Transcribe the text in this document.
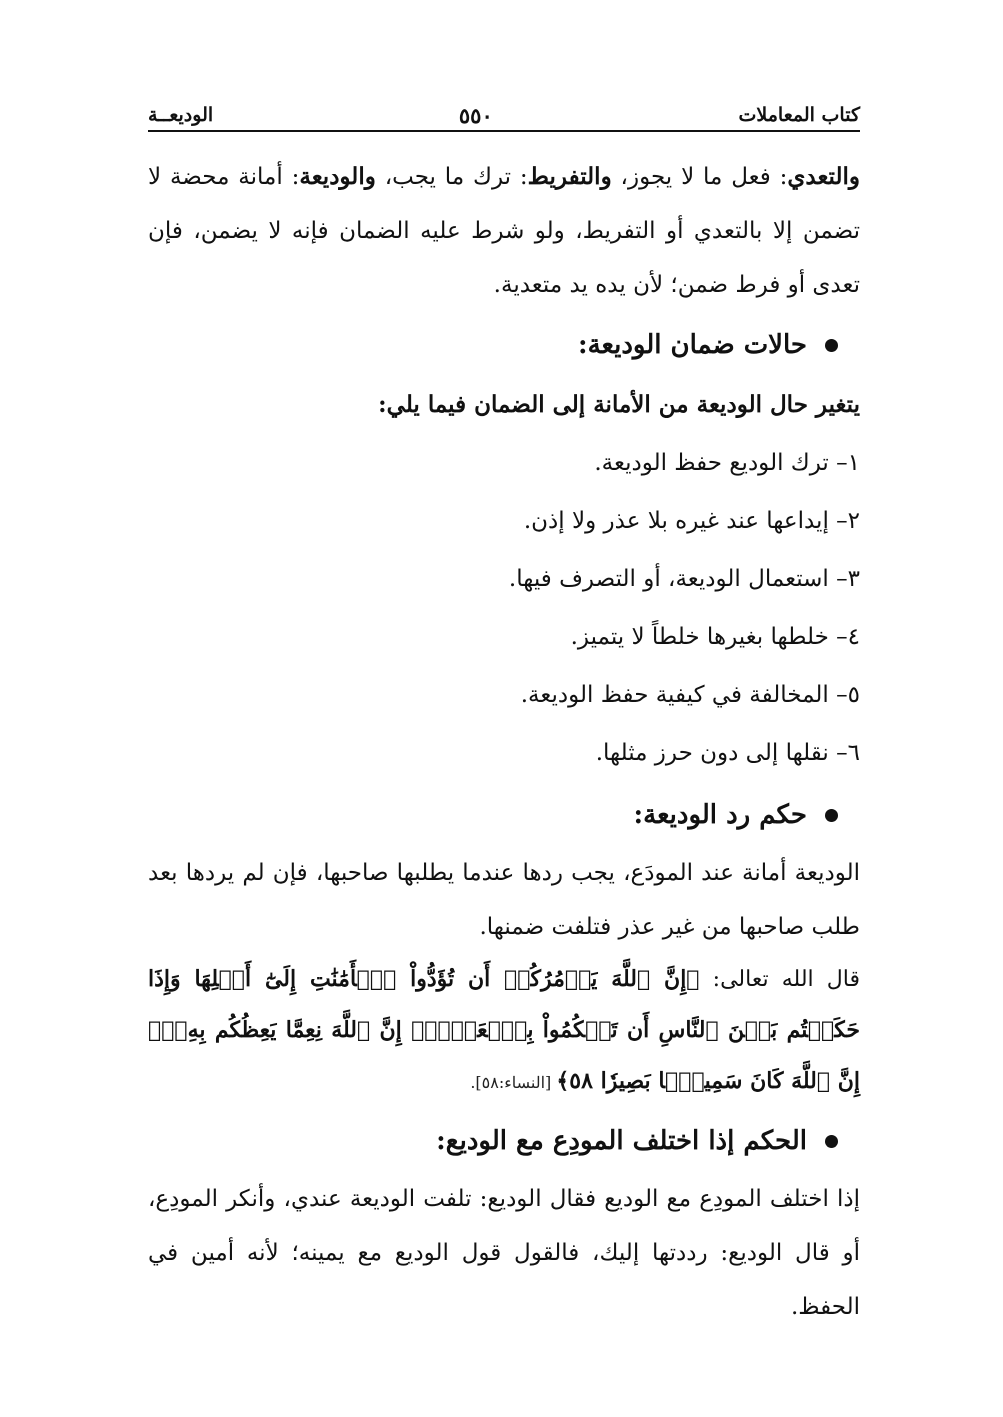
كتاب المعاملات
٥٥٠
الوديعــة

والتعدي: فعل ما لا يجوز، والتفريط: ترك ما يجب، والوديعة: أمانة محضة لا تضمن إلا بالتعدي أو التفريط، ولو شرط عليه الضمان فإنه لا يضمن، فإن تعدى أو فرط ضمن؛ لأن يده يد متعدية.

حالات ضمان الوديعة:

يتغير حال الوديعة من الأمانة إلى الضمان فيما يلي:

١– ترك الوديع حفظ الوديعة.
٢– إيداعها عند غيره بلا عذر ولا إذن.
٣– استعمال الوديعة، أو التصرف فيها.
٤– خلطها بغيرها خلطاً لا يتميز.
٥– المخالفة في كيفية حفظ الوديعة.
٦– نقلها إلى دون حرز مثلها.
حكم رد الوديعة:

الوديعة أمانة عند المودَع، يجب ردها عندما يطلبها صاحبها، فإن لم يردها بعد طلب صاحبها من غير عذر فتلفت ضمنها.

قال الله تعالى: ﴿إِنَّ ٱللَّهَ يَأۡمُرُكُمۡ أَن تُؤَدُّواْ ٱلۡأَمَٰنَٰتِ إِلَىٰٓ أَهۡلِهَا وَإِذَا حَكَمۡتُم بَيۡنَ ٱلنَّاسِ أَن تَحۡكُمُواْ بِٱلۡعَدۡلِۚ إِنَّ ٱللَّهَ نِعِمَّا يَعِظُكُم بِهِۦٓۗ إِنَّ ٱللَّهَ كَانَ سَمِيعَۢا بَصِيرٗا ٥٨﴾ [النساء:٥٨].

الحكم إذا اختلف المودِع مع الوديع:

إذا اختلف المودِع مع الوديع فقال الوديع: تلفت الوديعة عندي، وأنكر المودِع، أو قال الوديع: رددتها إليك، فالقول قول الوديع مع يمينه؛ لأنه أمين في الحفظ.
